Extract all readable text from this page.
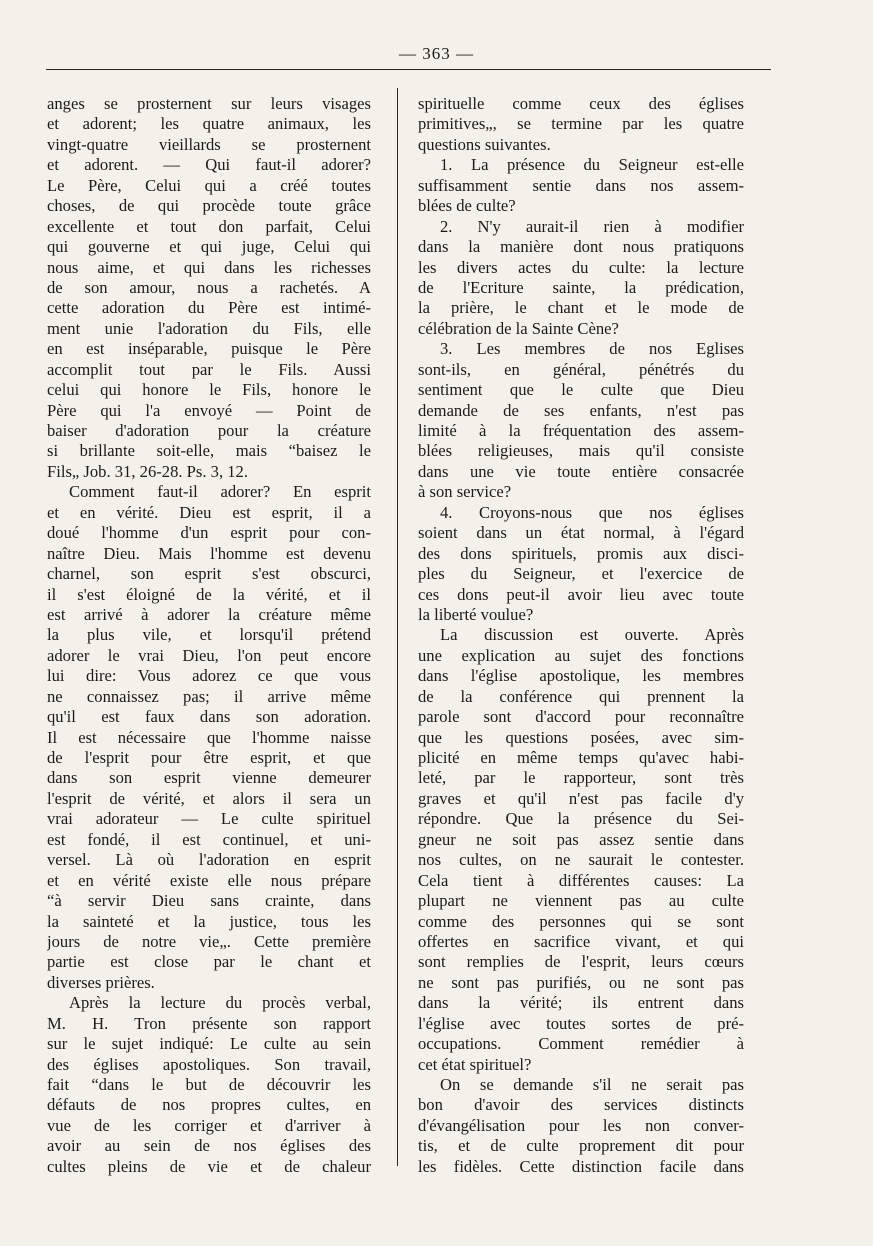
— 363 —
anges se prosternent sur leurs visages
et adorent; les quatre animaux, les
vingt-quatre vieillards se prosternent
et adorent. — Qui faut-il adorer?
Le Père, Celui qui a créé toutes
choses, de qui procède toute grâce
excellente et tout don parfait, Celui
qui gouverne et qui juge, Celui qui
nous aime, et qui dans les richesses
de son amour, nous a rachetés. A
cette adoration du Père est intimé-
ment unie l'adoration du Fils, elle
en est inséparable, puisque le Père
accomplit tout par le Fils. Aussi
celui qui honore le Fils, honore le
Père qui l'a envoyé — Point de
baiser d'adoration pour la créature
si brillante soit-elle, mais “baisez le
Fils„ Job. 31, 26-28. Ps. 3, 12.
Comment faut-il adorer? En esprit
et en vérité. Dieu est esprit, il a
doué l'homme d'un esprit pour con-
naître Dieu. Mais l'homme est devenu
charnel, son esprit s'est obscurci,
il s'est éloigné de la vérité, et il
est arrivé à adorer la créature même
la plus vile, et lorsqu'il prétend
adorer le vrai Dieu, l'on peut encore
lui dire: Vous adorez ce que vous
ne connaissez pas; il arrive même
qu'il est faux dans son adoration.
Il est nécessaire que l'homme naisse
de l'esprit pour être esprit, et que
dans son esprit vienne demeurer
l'esprit de vérité, et alors il sera un
vrai adorateur — Le culte spirituel
est fondé, il est continuel, et uni-
versel. Là où l'adoration en esprit
et en vérité existe elle nous prépare
“à servir Dieu sans crainte, dans
la sainteté et la justice, tous les
jours de notre vie„. Cette première
partie est close par le chant et
diverses prières.
Après la lecture du procès verbal,
M. H. Tron présente son rapport
sur le sujet indiqué: Le culte au sein
des églises apostoliques. Son travail,
fait “dans le but de découvrir les
défauts de nos propres cultes, en
vue de les corriger et d'arriver à
avoir au sein de nos églises des
cultes pleins de vie et de chaleur
spirituelle comme ceux des églises
primitives„, se termine par les quatre
questions suivantes.
1. La présence du Seigneur est-elle
suffisamment sentie dans nos assem-
blées de culte?
2. N'y aurait-il rien à modifier
dans la manière dont nous pratiquons
les divers actes du culte: la lecture
de l'Ecriture sainte, la prédication,
la prière, le chant et le mode de
célébration de la Sainte Cène?
3. Les membres de nos Eglises
sont-ils, en général, pénétrés du
sentiment que le culte que Dieu
demande de ses enfants, n'est pas
limité à la fréquentation des assem-
blées religieuses, mais qu'il consiste
dans une vie toute entière consacrée
à son service?
4. Croyons-nous que nos églises
soient dans un état normal, à l'égard
des dons spirituels, promis aux disci-
ples du Seigneur, et l'exercice de
ces dons peut-il avoir lieu avec toute
la liberté voulue?
La discussion est ouverte. Après
une explication au sujet des fonctions
dans l'église apostolique, les membres
de la conférence qui prennent la
parole sont d'accord pour reconnaître
que les questions posées, avec sim-
plicité en même temps qu'avec habi-
leté, par le rapporteur, sont très
graves et qu'il n'est pas facile d'y
répondre. Que la présence du Sei-
gneur ne soit pas assez sentie dans
nos cultes, on ne saurait le contester.
Cela tient à différentes causes: La
plupart ne viennent pas au culte
comme des personnes qui se sont
offertes en sacrifice vivant, et qui
sont remplies de l'esprit, leurs cœurs
ne sont pas purifiés, ou ne sont pas
dans la vérité; ils entrent dans
l'église avec toutes sortes de pré-
occupations. Comment remédier à
cet état spirituel?
On se demande s'il ne serait pas
bon d'avoir des services distincts
d'évangélisation pour les non conver-
tis, et de culte proprement dit pour
les fidèles. Cette distinction facile dans
